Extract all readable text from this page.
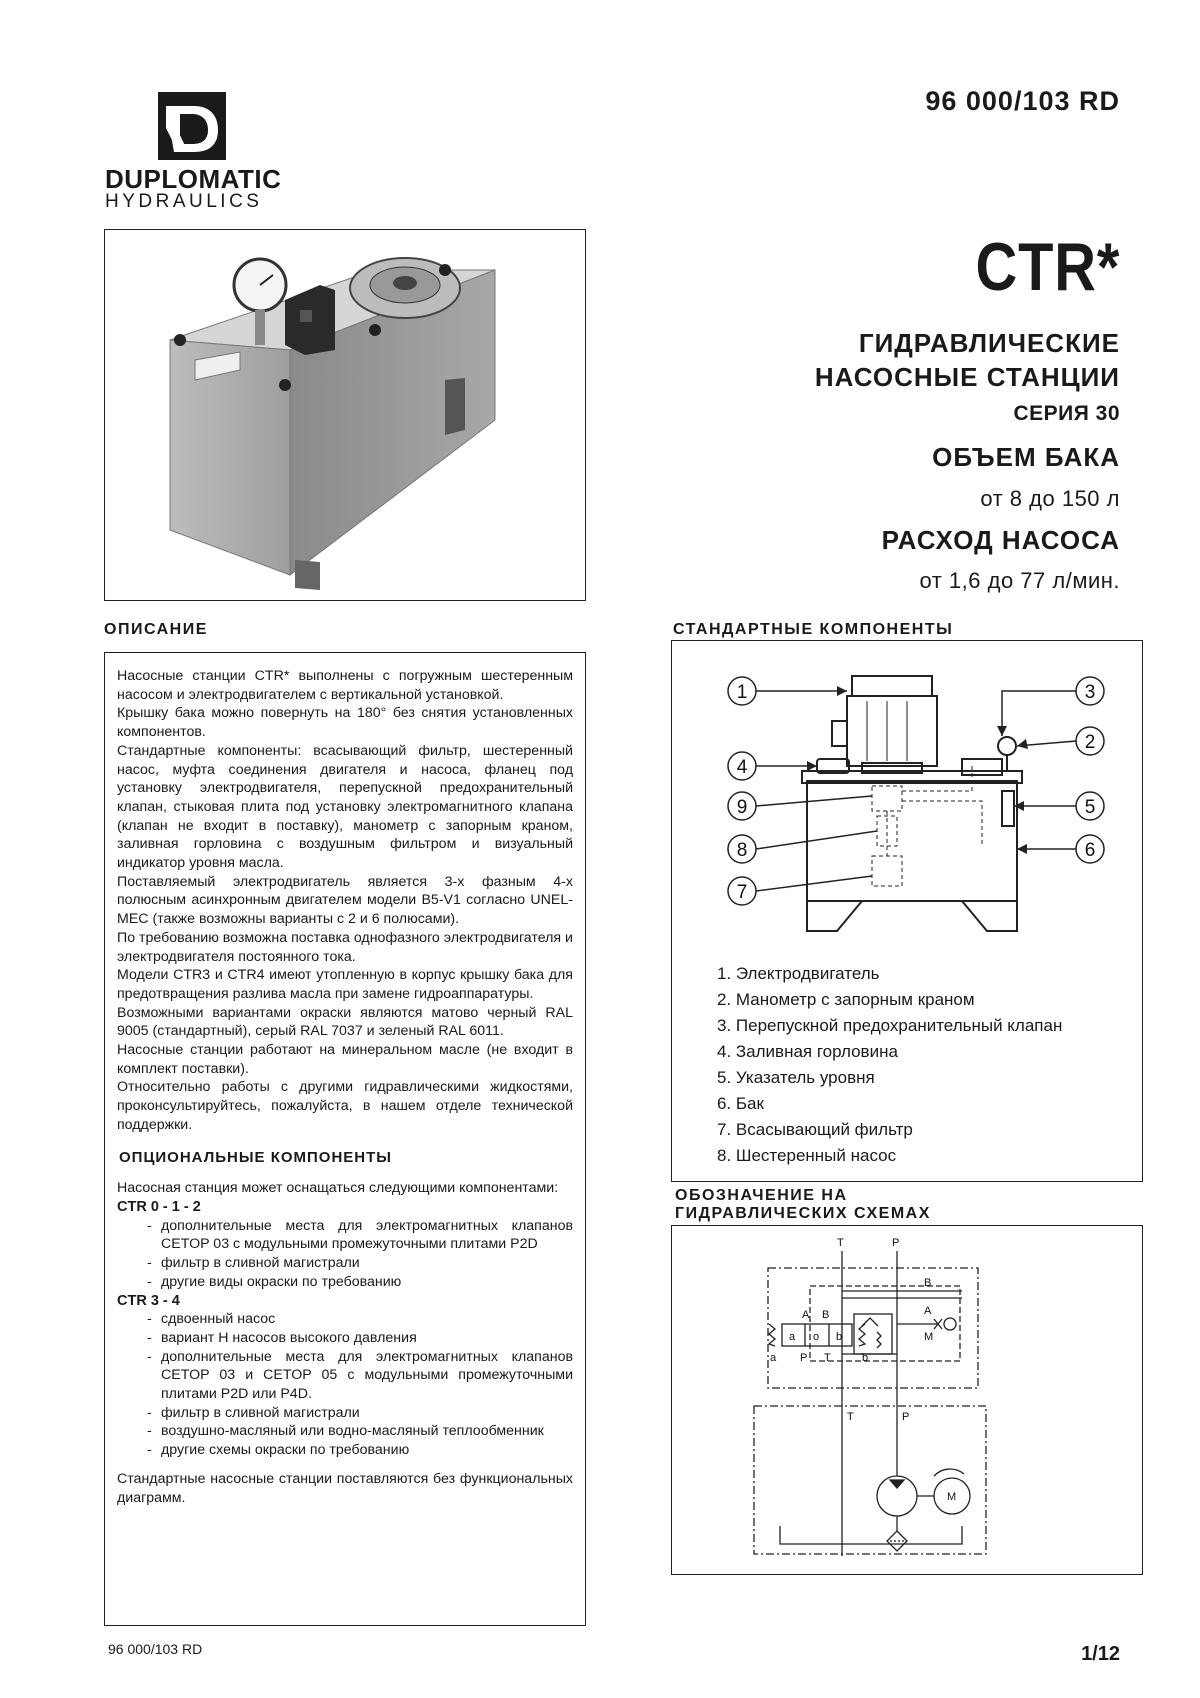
96 000/103 RD
DUPLOMATIC
HYDRAULICS
CTR*
ГИДРАВЛИЧЕСКИЕ
НАСОСНЫЕ СТАНЦИИ
СЕРИЯ 30
ОБЪЕМ БАКА
от 8 до 150 л
РАСХОД НАСОСА
от 1,6 до 77 л/мин.
ОПИСАНИЕ

Насосные станции CTR* выполнены с погружным шестеренным насосом и электродвигателем с вертикальной установкой.

Крышку бака можно повернуть на 180° без снятия установленных компонентов.

Стандартные компоненты: всасывающий фильтр, шестеренный насос, муфта соединения двигателя и насоса, фланец под установку электродвигателя, перепускной предохранительный клапан, стыковая плита под установку электромагнитного клапана (клапан не входит в поставку), манометр с запорным краном, заливная горловина с воздушным фильтром и визуальный индикатор уровня масла.

Поставляемый электродвигатель является 3-х фазным 4-х полюсным асинхронным двигателем модели B5-V1 согласно UNEL-MEC (также возможны варианты с 2 и 6 полюсами).

По требованию возможна поставка однофазного электродвигателя и электродвигателя постоянного тока.

Модели CTR3 и CTR4 имеют утопленную в корпус крышку бака для предотвращения разлива масла при замене гидроаппаратуры.

Возможными вариантами окраски являются матово черный RAL 9005 (стандартный), серый RAL 7037 и зеленый RAL 6011.

Насосные станции работают на минеральном масле (не входит в комплект поставки).

Относительно работы с другими гидравлическими жидкостями, проконсультируйтесь, пожалуйста, в нашем отделе технической поддержки.

ОПЦИОНАЛЬНЫЕ КОМПОНЕНТЫ

Насосная станция может оснащаться следующими компонентами:

CTR 0 - 1 - 2

- дополнительные места для электромагнитных клапанов CETOP 03 с модульными промежуточными плитами P2D
- фильтр в сливной магистрали
- другие виды окраски по требованию

CTR 3 - 4

- сдвоенный насос
- вариант H насосов высокого давления
- дополнительные места для электромагнитных клапанов CETOP 03 и CETOP 05 с модульными промежуточными плитами P2D или P4D.
- фильтр в сливной магистрали
- воздушно-масляный или водно-масляный теплообменник
- другие схемы окраски по требованию

Стандартные насосные станции поставляются без функциональных диаграмм.

СТАНДАРТНЫЕ КОМПОНЕНТЫ
1
2
3
4
5
6
7
8
9
1. Электродвигатель
2. Манометр с запорным краном
3. Перепускной предохранительный клапан
4. Заливная горловина
5. Указатель уровня
6. Бак
7. Всасывающий фильтр
8. Шестеренный насос
ОБОЗНАЧЕНИЕ НА
ГИДРАВЛИЧЕСКИХ СХЕМАХ
T	P
B
A
M
A B
a o b
a P T	b
T	P
M
96 000/103 RD	1/12
